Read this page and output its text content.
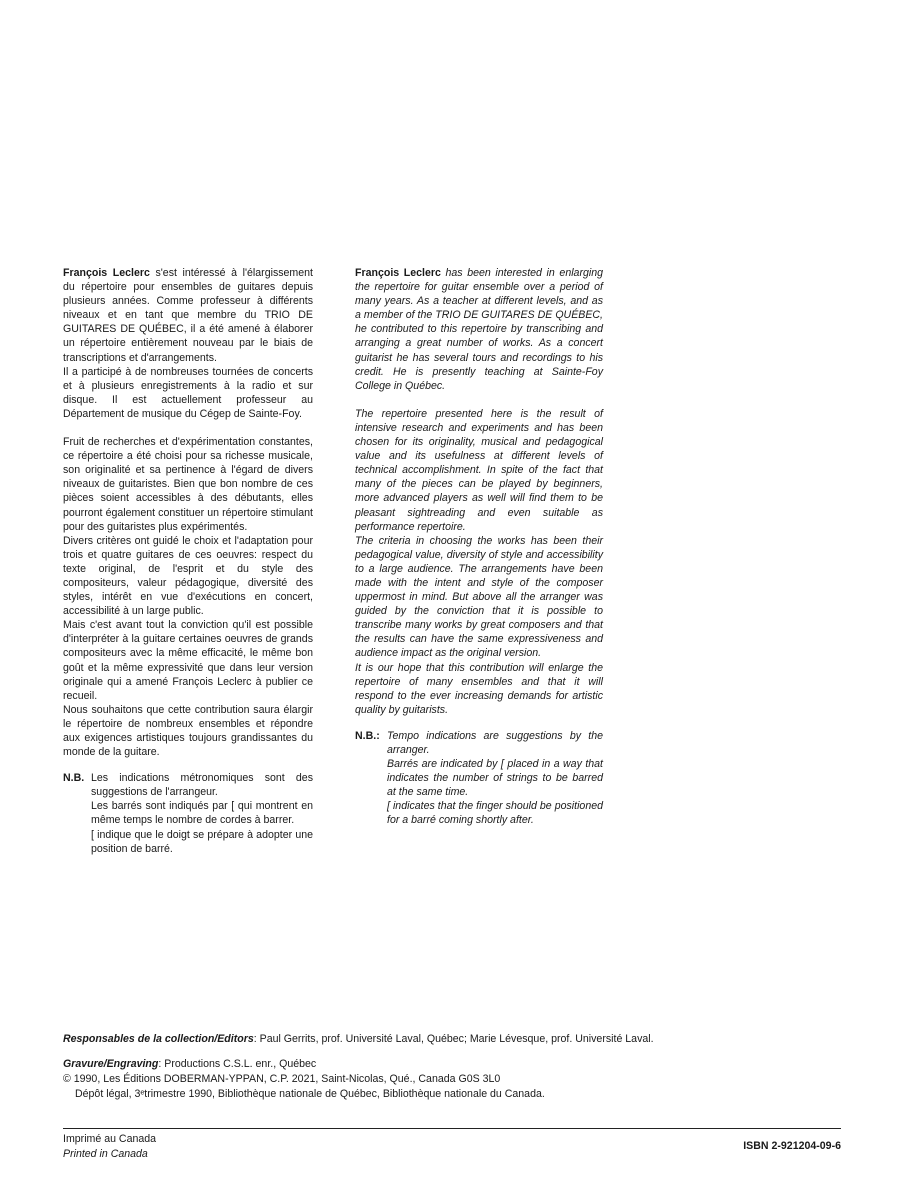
François Leclerc s'est intéressé à l'élargissement du répertoire pour ensembles de guitares depuis plusieurs années. Comme professeur à différents niveaux et en tant que membre du TRIO DE GUITARES DE QUÉBEC, il a été amené à élaborer un répertoire entièrement nouveau par le biais de transcriptions et d'arrangements.

Il a participé à de nombreuses tournées de concerts et à plusieurs enregistrements à la radio et sur disque. Il est actuellement professeur au Département de musique du Cégep de Sainte-Foy.

Fruit de recherches et d'expérimentation constantes, ce répertoire a été choisi pour sa richesse musicale, son originalité et sa pertinence à l'égard de divers niveaux de guitaristes. Bien que bon nombre de ces pièces soient accessibles à des débutants, elles pourront également constituer un répertoire stimulant pour des guitaristes plus expérimentés.

Divers critères ont guidé le choix et l'adaptation pour trois et quatre guitares de ces oeuvres: respect du texte original, de l'esprit et du style des compositeurs, valeur pédagogique, diversité des styles, intérêt en vue d'exécutions en concert, accessibilité à un large public.

Mais c'est avant tout la conviction qu'il est possible d'interpréter à la guitare certaines oeuvres de grands compositeurs avec la même efficacité, le même bon goût et la même expressivité que dans leur version originale qui a amené François Leclerc à publier ce recueil.

Nous souhaitons que cette contribution saura élargir le répertoire de nombreux ensembles et répondre aux exigences artistiques toujours grandissantes du monde de la guitare.

N.B. Les indications métronomiques sont des suggestions de l'arrangeur.

Les barrés sont indiqués par [ qui montrent en même temps le nombre de cordes à barrer.

[ indique que le doigt se prépare à adopter une position de barré.

François Leclerc has been interested in enlarging the repertoire for guitar ensemble over a period of many years. As a teacher at different levels, and as a member of the TRIO DE GUITARES DE QUÉBEC, he contributed to this repertoire by transcribing and arranging a great number of works. As a concert guitarist he has several tours and recordings to his credit. He is presently teaching at Sainte-Foy College in Québec.

The repertoire presented here is the result of intensive research and experiments and has been chosen for its originality, musical and pedagogical value and its usefulness at different levels of technical accomplishment. In spite of the fact that many of the pieces can be played by beginners, more advanced players as well will find them to be pleasant sightreading and even suitable as performance repertoire.

The criteria in choosing the works has been their pedagogical value, diversity of style and accessibility to a large audience. The arrangements have been made with the intent and style of the composer uppermost in mind. But above all the arranger was guided by the conviction that it is possible to transcribe many works by great composers and that the results can have the same expressiveness and audience impact as the original version.

It is our hope that this contribution will enlarge the repertoire of many ensembles and that it will respond to the ever increasing demands for artistic quality by guitarists.

N.B.: Tempo indications are suggestions by the arranger.

Barrés are indicated by [ placed in a way that indicates the number of strings to be barred at the same time.

[ indicates that the finger should be positioned for a barré coming shortly after.

Responsables de la collection/Editors: Paul Gerrits, prof. Université Laval, Québec; Marie Lévesque, prof. Université Laval.

Gravure/Engraving: Productions C.S.L. enr., Québec

© 1990, Les Éditions DOBERMAN-YPPAN, C.P. 2021, Saint-Nicolas, Qué., Canada G0S 3L0

Dépôt légal, 3ᵉtrimestre 1990, Bibliothèque nationale de Québec, Bibliothèque nationale du Canada.

Imprimé au Canada

Printed in Canada

ISBN 2-921204-09-6
